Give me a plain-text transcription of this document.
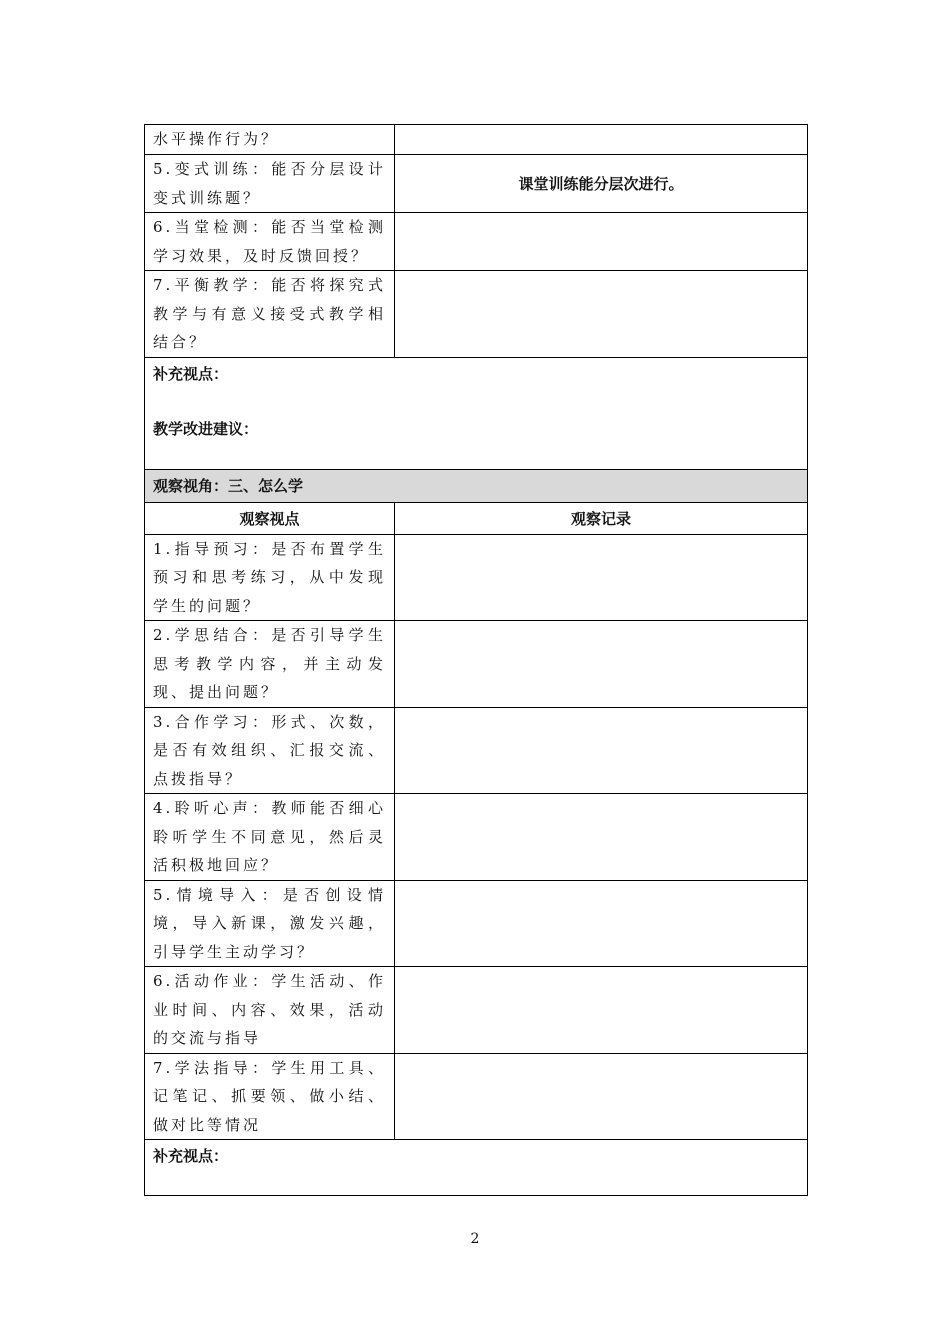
水平操作行为？	
5.变式训练：能否分层设计变式训练题？	课堂训练能分层次进行。
6.当堂检测：能否当堂检测学习效果，及时反馈回授？	
7.平衡教学：能否将探究式教学与有意义接受式教学相结合？	

补充视点：
教学改进建议：	

观察视角：三、怎么学	
观察视点	观察记录
1.指导预习：是否布置学生预习和思考练习，从中发现学生的问题？	
2.学思结合：是否引导学生思考教学内容，并主动发现、提出问题？	
3.合作学习：形式、次数，是否有效组织、汇报交流、点拨指导？	
4.聆听心声：教师能否细心聆听学生不同意见，然后灵活积极地回应？	
5.情境导入：是否创设情境，导入新课，激发兴趣，引导学生主动学习？	
6.活动作业：学生活动、作业时间、内容、效果，活动的交流与指导	
7.学法指导：学生用工具、记笔记、抓要领、做小结、做对比等情况	

补充视点：	
2
